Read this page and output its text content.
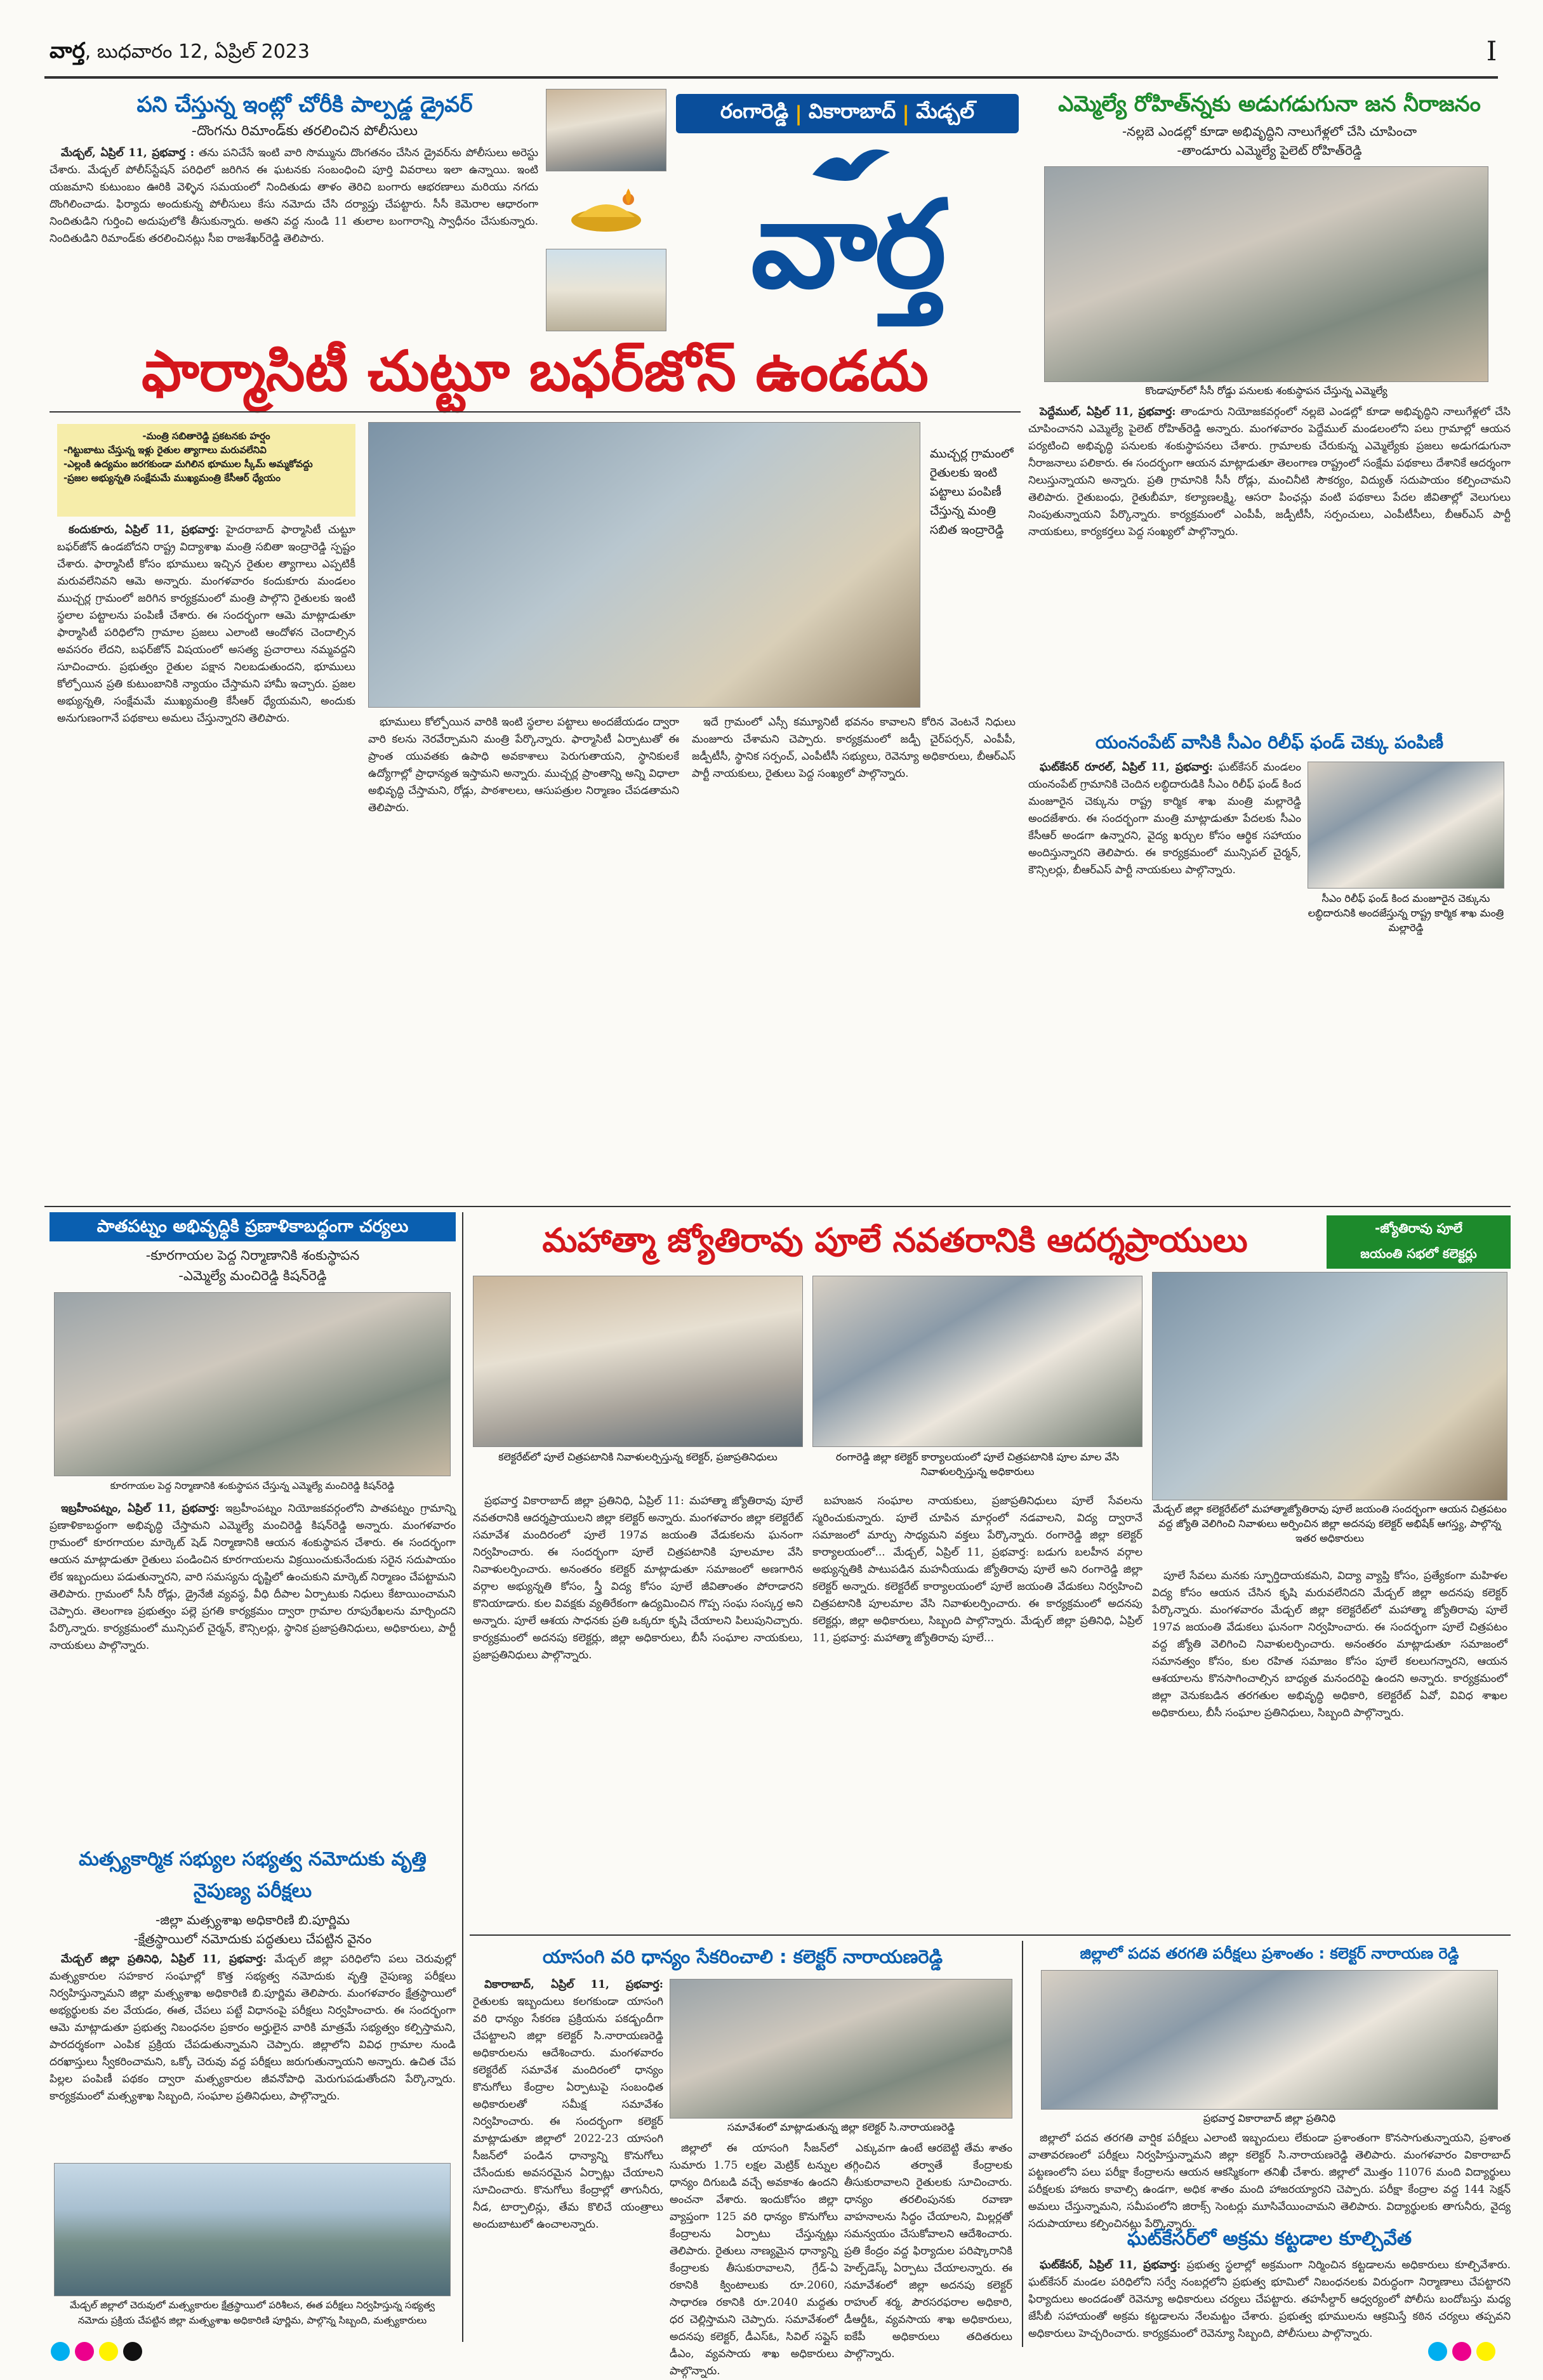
వార్త, బుధవారం 12, ఏప్రిల్ 2023	I
పని చేస్తున్న ఇంట్లో చోరీకి పాల్పడ్డ డ్రైవర్
-దొంగను రిమాండ్‌కు తరలించిన పోలీసులు

మేడ్చల్, ఏప్రిల్ 11, ప్రభవార్త : తను పనిచేసే ఇంటి వారి సొమ్మును దొంగతనం చేసిన డ్రైవర్‌ను పోలీసులు అరెస్టు చేశారు. మేడ్చల్ పోలీస్‌స్టేషన్ పరిధిలో జరిగిన ఈ ఘటనకు సంబంధించి పూర్తి వివరాలు ఇలా ఉన్నాయి. ఇంటి యజమాని కుటుంబం ఊరికి వెళ్ళిన సమయంలో నిందితుడు తాళం తెరిచి బంగారు ఆభరణాలు మరియు నగదు దొంగిలించాడు. ఫిర్యాదు అందుకున్న పోలీసులు కేసు నమోదు చేసి దర్యాప్తు చేపట్టారు. సీసీ కెమెరాల ఆధారంగా నిందితుడిని గుర్తించి అదుపులోకి తీసుకున్నారు. అతని వద్ద నుండి 11 తులాల బంగారాన్ని స్వాధీనం చేసుకున్నారు. నిందితుడిని రిమాండ్‌కు తరలించినట్లు సీఐ రాజశేఖర్‌రెడ్డి తెలిపారు.

రంగారెడ్డి | వికారాబాద్ | మేడ్చల్
వార్త
ఎమ్మెల్యే రోహిత్‌న్నకు అడుగడుగునా జన నీరాజనం
-నల్లబె ఎండల్లో కూడా అభివృద్ధిని నాలుగేళ్లలో చేసి చూపించా
-తాండూరు ఎమ్మెల్యే పైలెట్ రోహిత్‌రెడ్డి
కొండాపూర్‌లో సీసీ రోడ్డు పనులకు శంకుస్థాపన చేస్తున్న ఎమ్మెల్యే

పెద్దేముల్, ఏప్రిల్ 11, ప్రభవార్త: తాండూరు నియోజకవర్గంలో నల్లబె ఎండల్లో కూడా అభివృద్ధిని నాలుగేళ్లలో చేసి చూపించానని ఎమ్మెల్యే పైలెట్ రోహిత్‌రెడ్డి అన్నారు. మంగళవారం పెద్దేముల్ మండలంలోని పలు గ్రామాల్లో ఆయన పర్యటించి అభివృద్ధి పనులకు శంకుస్థాపనలు చేశారు. గ్రామాలకు చేరుకున్న ఎమ్మెల్యేకు ప్రజలు అడుగడుగునా నీరాజనాలు పలికారు. ఈ సందర్భంగా ఆయన మాట్లాడుతూ తెలంగాణ రాష్ట్రంలో సంక్షేమ పథకాలు దేశానికే ఆదర్శంగా నిలుస్తున్నాయని అన్నారు. ప్రతి గ్రామానికి సీసీ రోడ్లు, మంచినీటి సౌకర్యం, విద్యుత్ సదుపాయం కల్పించామని తెలిపారు. రైతుబంధు, రైతుబీమా, కల్యాణలక్ష్మి, ఆసరా పింఛన్లు వంటి పథకాలు పేదల జీవితాల్లో వెలుగులు నింపుతున్నాయని పేర్కొన్నారు. కార్యక్రమంలో ఎంపీపీ, జడ్పీటీసీ, సర్పంచులు, ఎంపీటీసీలు, బీఆర్ఎస్ పార్టీ నాయకులు, కార్యకర్తలు పెద్ద సంఖ్యలో పాల్గొన్నారు.

యంనంపేట్ వాసికి సీఎం రిలీఫ్ ఫండ్ చెక్కు పంపిణీ

ఘట్‌కేసర్ రూరల్, ఏప్రిల్ 11, ప్రభవార్త: ఘట్‌కేసర్ మండలం యంనంపేట్ గ్రామానికి చెందిన లబ్ధిదారుడికి సీఎం రిలీఫ్ ఫండ్ కింద మంజూరైన చెక్కును రాష్ట్ర కార్మిక శాఖ మంత్రి మల్లారెడ్డి అందజేశారు. ఈ సందర్భంగా మంత్రి మాట్లాడుతూ పేదలకు సీఎం కేసీఆర్ అండగా ఉన్నారని, వైద్య ఖర్చుల కోసం ఆర్థిక సహాయం అందిస్తున్నారని తెలిపారు. ఈ కార్యక్రమంలో మున్సిపల్ చైర్మన్, కౌన్సిలర్లు, బీఆర్ఎస్ పార్టీ నాయకులు పాల్గొన్నారు.

సీఎం రిలీఫ్ ఫండ్ కింద మంజూరైన చెక్కును లబ్ధిదారునికి అందజేస్తున్న రాష్ట్ర కార్మిక శాఖ మంత్రి మల్లారెడ్డి
ఫార్మాసిటీ చుట్టూ బఫర్‌జోన్ ఉండదు
-మంత్రి సబితారెడ్డి ప్రకటనకు హర్షం
-గిట్టుబాటు చేస్తున్న ఇళ్లు రైతుల త్యాగాలు మరువలేనివి
-ఎల్లంకి ఉద్యమం జరగకుండా మగిలిన భూముల స్కీమ్ అమ్మకోవద్దు
-ప్రజల అభ్యున్నతి సంక్షేమమే ముఖ్యమంత్రి కేసీఆర్ ధ్యేయం
ముచ్చర్ల గ్రామంలో రైతులకు ఇంటి పట్టాలు పంపిణీ చేస్తున్న మంత్రి సబిత ఇంద్రారెడ్డి

కందుకూరు, ఏప్రిల్ 11, ప్రభవార్త: హైదరాబాద్ ఫార్మాసిటీ చుట్టూ బఫర్‌జోన్ ఉండబోదని రాష్ట్ర విద్యాశాఖ మంత్రి సబితా ఇంద్రారెడ్డి స్పష్టం చేశారు. ఫార్మాసిటీ కోసం భూములు ఇచ్చిన రైతుల త్యాగాలు ఎప్పటికీ మరువలేనివని ఆమె అన్నారు. మంగళవారం కందుకూరు మండలం ముచ్చర్ల గ్రామంలో జరిగిన కార్యక్రమంలో మంత్రి పాల్గొని రైతులకు ఇంటి స్థలాల పట్టాలను పంపిణీ చేశారు. ఈ సందర్భంగా ఆమె మాట్లాడుతూ ఫార్మాసిటీ పరిధిలోని గ్రామాల ప్రజలు ఎలాంటి ఆందోళన చెందాల్సిన అవసరం లేదని, బఫర్‌జోన్ విషయంలో అసత్య ప్రచారాలు నమ్మవద్దని సూచించారు. ప్రభుత్వం రైతుల పక్షాన నిలబడుతుందని, భూములు కోల్పోయిన ప్రతి కుటుంబానికి న్యాయం చేస్తామని హామీ ఇచ్చారు. ప్రజల అభ్యున్నతి, సంక్షేమమే ముఖ్యమంత్రి కేసీఆర్ ధ్యేయమని, అందుకు అనుగుణంగానే పథకాలు అమలు చేస్తున్నారని తెలిపారు.	భూములు కోల్పోయిన వారికి ఇంటి స్థలాల పట్టాలు అందజేయడం ద్వారా వారి కలను నెరవేర్చామని మంత్రి పేర్కొన్నారు. ఫార్మాసిటీ ఏర్పాటుతో ఈ ప్రాంత యువతకు ఉపాధి అవకాశాలు పెరుగుతాయని, స్థానికులకే ఉద్యోగాల్లో ప్రాధాన్యత ఇస్తామని అన్నారు. ముచ్చర్ల ప్రాంతాన్ని అన్ని విధాలా అభివృద్ధి చేస్తామని, రోడ్లు, పాఠశాలలు, ఆసుపత్రుల నిర్మాణం చేపడతామని తెలిపారు.

ఇదే గ్రామంలో ఎస్సీ కమ్యూనిటీ భవనం కావాలని కోరిన వెంటనే నిధులు మంజూరు చేశామని చెప్పారు. కార్యక్రమంలో జడ్పీ చైర్‌పర్సన్, ఎంపీపీ, జడ్పీటీసీ, స్థానిక సర్పంచ్, ఎంపీటీసీ సభ్యులు, రెవెన్యూ అధికారులు, బీఆర్ఎస్ పార్టీ నాయకులు, రైతులు పెద్ద సంఖ్యలో పాల్గొన్నారు.

పాతపట్నం అభివృద్ధికి ప్రణాళికాబద్ధంగా చర్యలు
-కూరగాయల పెద్ద నిర్మాణానికి శంకుస్థాపన
-ఎమ్మెల్యే మంచిరెడ్డి కిషన్‌రెడ్డి
కూరగాయల పెద్ద నిర్మాణానికి శంకుస్థాపన చేస్తున్న ఎమ్మెల్యే మంచిరెడ్డి కిషన్‌రెడ్డి

ఇబ్రహీంపట్నం, ఏప్రిల్ 11, ప్రభవార్త: ఇబ్రహీంపట్నం నియోజకవర్గంలోని పాతపట్నం గ్రామాన్ని ప్రణాళికాబద్ధంగా అభివృద్ధి చేస్తామని ఎమ్మెల్యే మంచిరెడ్డి కిషన్‌రెడ్డి అన్నారు. మంగళవారం గ్రామంలో కూరగాయల మార్కెట్ షెడ్ నిర్మాణానికి ఆయన శంకుస్థాపన చేశారు. ఈ సందర్భంగా ఆయన మాట్లాడుతూ రైతులు పండించిన కూరగాయలను విక్రయించుకునేందుకు సరైన సదుపాయం లేక ఇబ్బందులు పడుతున్నారని, వారి సమస్యను దృష్టిలో ఉంచుకుని మార్కెట్ నిర్మాణం చేపట్టామని తెలిపారు. గ్రామంలో సీసీ రోడ్లు, డ్రైనేజీ వ్యవస్థ, వీధి దీపాల ఏర్పాటుకు నిధులు కేటాయించామని చెప్పారు. తెలంగాణ ప్రభుత్వం పల్లె ప్రగతి కార్యక్రమం ద్వారా గ్రామాల రూపురేఖలను మార్చిందని పేర్కొన్నారు. కార్యక్రమంలో మున్సిపల్ చైర్మన్, కౌన్సిలర్లు, స్థానిక ప్రజాప్రతినిధులు, అధికారులు, పార్టీ నాయకులు పాల్గొన్నారు.

మత్స్యకార్మిక సభ్యుల సభ్యత్వ నమోదుకు వృత్తి నైపుణ్య పరీక్షలు
-జిల్లా మత్స్యశాఖ అధికారిణి బి.పూర్ణిమ
-క్షేత్రస్థాయిలో నమోదుకు పద్ధతులు చేపట్టిన వైనం

మేడ్చల్ జిల్లా ప్రతినిధి, ఏప్రిల్ 11, ప్రభవార్త: మేడ్చల్ జిల్లా పరిధిలోని పలు చెరువుల్లో మత్స్యకారుల సహకార సంఘాల్లో కొత్త సభ్యత్వ నమోదుకు వృత్తి నైపుణ్య పరీక్షలు నిర్వహిస్తున్నామని జిల్లా మత్స్యశాఖ అధికారిణి బి.పూర్ణిమ తెలిపారు. మంగళవారం క్షేత్రస్థాయిలో అభ్యర్థులకు వల వేయడం, ఈత, చేపలు పట్టే విధానంపై పరీక్షలు నిర్వహించారు. ఈ సందర్భంగా ఆమె మాట్లాడుతూ ప్రభుత్వ నిబంధనల ప్రకారం అర్హులైన వారికి మాత్రమే సభ్యత్వం కల్పిస్తామని, పారదర్శకంగా ఎంపిక ప్రక్రియ చేపడుతున్నామని చెప్పారు. జిల్లాలోని వివిధ గ్రామాల నుండి దరఖాస్తులు స్వీకరించామని, ఒక్కో చెరువు వద్ద పరీక్షలు జరుగుతున్నాయని అన్నారు. ఉచిత చేప పిల్లల పంపిణీ పథకం ద్వారా మత్స్యకారుల జీవనోపాధి మెరుగుపడుతోందని పేర్కొన్నారు. కార్యక్రమంలో మత్స్యశాఖ సిబ్బంది, సంఘాల ప్రతినిధులు, పాల్గొన్నారు.

మేడ్చల్ జిల్లాలో చెరువులో మత్స్యకారుల క్షేత్రస్థాయిలో పరిశీలన, ఈత పరీక్షలు నిర్వహిస్తున్న సభ్యత్వ నమోదు ప్రక్రియ చేపట్టిన జిల్లా మత్స్యశాఖ అధికారిణి పూర్ణిమ, పాల్గొన్న సిబ్బంది, మత్స్యకారులు
మహాత్మా జ్యోతిరావు పూలే నవతరానికి ఆదర్శప్రాయులు	-జ్యోతిరావు పూలే
జయంతి సభలో కలెక్టర్లు
కలెక్టరేట్‌లో పూలే చిత్రపటానికి నివాళులర్పిస్తున్న కలెక్టర్, ప్రజాప్రతినిధులు	రంగారెడ్డి జిల్లా కలెక్టర్ కార్యాలయంలో పూలే చిత్రపటానికి పూల మాల వేసి నివాళులర్పిస్తున్న అధికారులు
మేడ్చల్ జిల్లా కలెక్టరేట్‌లో మహాత్మాజ్యోతిరావు పూలే జయంతి సందర్భంగా ఆయన చిత్రపటం వద్ద జ్యోతి వెలిగించి నివాళులు అర్పించిన జిల్లా అదనపు కలెక్టర్ అభిషేక్ ఆగస్త్య, పాల్గొన్న ఇతర అధికారులు

ప్రభవార్త వికారాబాద్ జిల్లా ప్రతినిధి, ఏప్రిల్ 11: మహాత్మా జ్యోతిరావు పూలే నవతరానికి ఆదర్శప్రాయులని జిల్లా కలెక్టర్ అన్నారు. మంగళవారం జిల్లా కలెక్టరేట్ సమావేశ మందిరంలో పూలే 197వ జయంతి వేడుకలను ఘనంగా నిర్వహించారు. ఈ సందర్భంగా పూలే చిత్రపటానికి పూలమాల వేసి నివాళులర్పించారు. అనంతరం కలెక్టర్ మాట్లాడుతూ సమాజంలో అణగారిన వర్గాల అభ్యున్నతి కోసం, స్త్రీ విద్య కోసం పూలే జీవితాంతం పోరాడారని కొనియాడారు. కుల వివక్షకు వ్యతిరేకంగా ఉద్యమించిన గొప్ప సంఘ సంస్కర్త అని అన్నారు. పూలే ఆశయ సాధనకు ప్రతి ఒక్కరూ కృషి చేయాలని పిలుపునిచ్చారు. కార్యక్రమంలో అదనపు కలెక్టర్లు, జిల్లా అధికారులు, బీసీ సంఘాల నాయకులు, ప్రజాప్రతినిధులు పాల్గొన్నారు.

బహుజన సంఘాల నాయకులు, ప్రజాప్రతినిధులు పూలే సేవలను స్మరించుకున్నారు. పూలే చూపిన మార్గంలో నడవాలని, విద్య ద్వారానే సమాజంలో మార్పు సాధ్యమని వక్తలు పేర్కొన్నారు. రంగారెడ్డి జిల్లా కలెక్టర్ కార్యాలయంలో... మేడ్చల్, ఏప్రిల్ 11, ప్రభవార్త: బడుగు బలహీన వర్గాల అభ్యున్నతికి పాటుపడిన మహనీయుడు జ్యోతిరావు పూలే అని రంగారెడ్డి జిల్లా కలెక్టర్ అన్నారు. కలెక్టరేట్ కార్యాలయంలో పూలే జయంతి వేడుకలు నిర్వహించి చిత్రపటానికి పూలమాల వేసి నివాళులర్పించారు. ఈ కార్యక్రమంలో అదనపు కలెక్టర్లు, జిల్లా అధికారులు, సిబ్బంది పాల్గొన్నారు. మేడ్చల్ జిల్లా ప్రతినిధి, ఏప్రిల్ 11, ప్రభవార్త: మహాత్మా జ్యోతిరావు పూలే...

పూలే సేవలు మనకు స్ఫూర్తిదాయకమని, విద్యా వ్యాప్తి కోసం, ప్రత్యేకంగా మహిళల విద్య కోసం ఆయన చేసిన కృషి మరువలేనిదని మేడ్చల్ జిల్లా అదనపు కలెక్టర్ పేర్కొన్నారు. మంగళవారం మేడ్చల్ జిల్లా కలెక్టరేట్‌లో మహాత్మా జ్యోతిరావు పూలే 197వ జయంతి వేడుకలు ఘనంగా నిర్వహించారు. ఈ సందర్భంగా పూలే చిత్రపటం వద్ద జ్యోతి వెలిగించి నివాళులర్పించారు. అనంతరం మాట్లాడుతూ సమాజంలో సమానత్వం కోసం, కుల రహిత సమాజం కోసం పూలే కలలుగన్నారని, ఆయన ఆశయాలను కొనసాగించాల్సిన బాధ్యత మనందరిపై ఉందని అన్నారు. కార్యక్రమంలో జిల్లా వెనుకబడిన తరగతుల అభివృద్ధి అధికారి, కలెక్టరేట్ ఏవో, వివిధ శాఖల అధికారులు, బీసీ సంఘాల ప్రతినిధులు, సిబ్బంది పాల్గొన్నారు.

యాసంగి వరి ధాన్యం సేకరించాలి : కలెక్టర్ నారాయణరెడ్డి

వికారాబాద్, ఏప్రిల్ 11, ప్రభవార్త: రైతులకు ఇబ్బందులు కలగకుండా యాసంగి వరి ధాన్యం సేకరణ ప్రక్రియను పకడ్బందీగా చేపట్టాలని జిల్లా కలెక్టర్ సి.నారాయణరెడ్డి అధికారులను ఆదేశించారు. మంగళవారం కలెక్టరేట్ సమావేశ మందిరంలో ధాన్యం కొనుగోలు కేంద్రాల ఏర్పాటుపై సంబంధిత అధికారులతో సమీక్ష సమావేశం నిర్వహించారు. ఈ సందర్భంగా కలెక్టర్ మాట్లాడుతూ జిల్లాలో 2022-23 యాసంగి సీజన్‌లో పండిన ధాన్యాన్ని కొనుగోలు చేసేందుకు అవసరమైన ఏర్పాట్లు చేయాలని సూచించారు. కొనుగోలు కేంద్రాల్లో తాగునీరు, నీడ, టార్పాలిన్లు, తేమ కొలిచే యంత్రాలు అందుబాటులో ఉంచాలన్నారు.

సమావేశంలో మాట్లాడుతున్న జిల్లా కలెక్టర్ సి.నారాయణరెడ్డి

జిల్లాలో ఈ యాసంగి సీజన్‌లో సుమారు 1.75 లక్షల మెట్రిక్ టన్నుల ధాన్యం దిగుబడి వచ్చే అవకాశం ఉందని అంచనా వేశారు. ఇందుకోసం జిల్లా వ్యాప్తంగా 125 వరి ధాన్యం కొనుగోలు కేంద్రాలను ఏర్పాటు చేస్తున్నట్లు తెలిపారు. రైతులు నాణ్యమైన ధాన్యాన్ని కేంద్రాలకు తీసుకురావాలని, గ్రేడ్-ఏ రకానికి క్వింటాలుకు రూ.2060, సాధారణ రకానికి రూ.2040 మద్దతు ధర చెల్లిస్తామని చెప్పారు. సమావేశంలో అదనపు కలెక్టర్, డీఎస్ఓ, సివిల్ సప్లైస్ డీఎం, వ్యవసాయ శాఖ అధికారులు పాల్గొన్నారు.

ఎక్కువగా ఉంటే ఆరబెట్టి తేమ శాతం తగ్గించిన తర్వాతే కేంద్రాలకు తీసుకురావాలని రైతులకు సూచించారు. ధాన్యం తరలింపునకు రవాణా వాహనాలను సిద్ధం చేయాలని, మిల్లర్లతో సమన్వయం చేసుకోవాలని ఆదేశించారు. ప్రతి కేంద్రం వద్ద ఫిర్యాదుల పరిష్కారానికి హెల్ప్‌డెస్క్ ఏర్పాటు చేయాలన్నారు. ఈ సమావేశంలో జిల్లా అదనపు కలెక్టర్ రాహుల్ శర్మ, పౌరసరఫరాల అధికారి, డీఆర్డీఓ, వ్యవసాయ శాఖ అధికారులు, ఐకేపీ అధికారులు తదితరులు పాల్గొన్నారు.

జిల్లాలో పదవ తరగతి పరీక్షలు ప్రశాంతం : కలెక్టర్ నారాయణ రెడ్డి
ప్రభవార్త వికారాబాద్ జిల్లా ప్రతినిధి

జిల్లాలో పదవ తరగతి వార్షిక పరీక్షలు ఎలాంటి ఇబ్బందులు లేకుండా ప్రశాంతంగా కొనసాగుతున్నాయని, ప్రశాంత వాతావరణంలో పరీక్షలు నిర్వహిస్తున్నామని జిల్లా కలెక్టర్ సి.నారాయణరెడ్డి తెలిపారు. మంగళవారం వికారాబాద్ పట్టణంలోని పలు పరీక్షా కేంద్రాలను ఆయన ఆకస్మికంగా తనిఖీ చేశారు. జిల్లాలో మొత్తం 11076 మంది విద్యార్థులు పరీక్షలకు హాజరు కావాల్సి ఉండగా, అధిక శాతం మంది హాజరయ్యారని చెప్పారు. పరీక్షా కేంద్రాల వద్ద 144 సెక్షన్ అమలు చేస్తున్నామని, సమీపంలోని జిరాక్స్ సెంటర్లు మూసివేయించామని తెలిపారు. విద్యార్థులకు తాగునీరు, వైద్య సదుపాయాలు కల్పించినట్లు పేర్కొన్నారు.

ఘట్‌కేసర్‌లో అక్రమ కట్టడాల కూల్చివేత

ఘట్‌కేసర్, ఏప్రిల్ 11, ప్రభవార్త: ప్రభుత్వ స్థలాల్లో అక్రమంగా నిర్మించిన కట్టడాలను అధికారులు కూల్చివేశారు. ఘట్‌కేసర్ మండల పరిధిలోని సర్వే నంబర్లలోని ప్రభుత్వ భూమిలో నిబంధనలకు విరుద్ధంగా నిర్మాణాలు చేపట్టారని ఫిర్యాదులు అందడంతో రెవెన్యూ అధికారులు చర్యలు చేపట్టారు. తహసీల్దార్ ఆధ్వర్యంలో పోలీసు బందోబస్తు మధ్య జేసీబీ సహాయంతో అక్రమ కట్టడాలను నేలమట్టం చేశారు. ప్రభుత్వ భూములను ఆక్రమిస్తే కఠిన చర్యలు తప్పవని అధికారులు హెచ్చరించారు. కార్యక్రమంలో రెవెన్యూ సిబ్బంది, పోలీసులు పాల్గొన్నారు.
